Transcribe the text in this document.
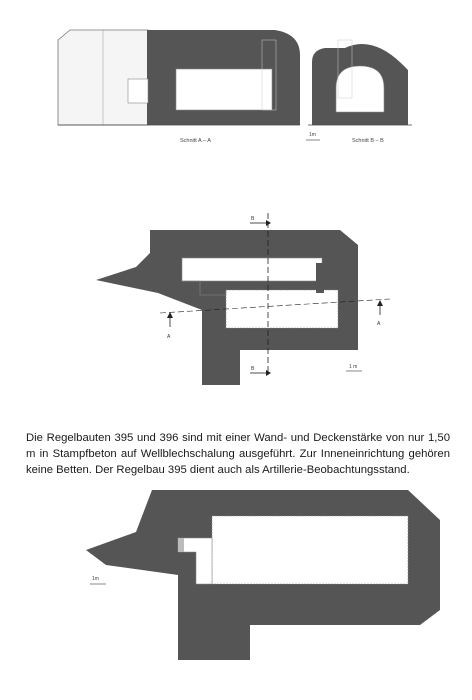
Schnitt A – A	Schnitt B – B
1m
B
B
A
A
1 m
Die Regelbauten 395 und 396 sind mit einer Wand- und Deckenstärke von nur 1,50 m in Stampfbeton auf Wellblechschalung ausgeführt. Zur Inneneinrichtung gehören keine Betten. Der Regelbau 395 dient auch als Artillerie-Beobachtungsstand.
1m
